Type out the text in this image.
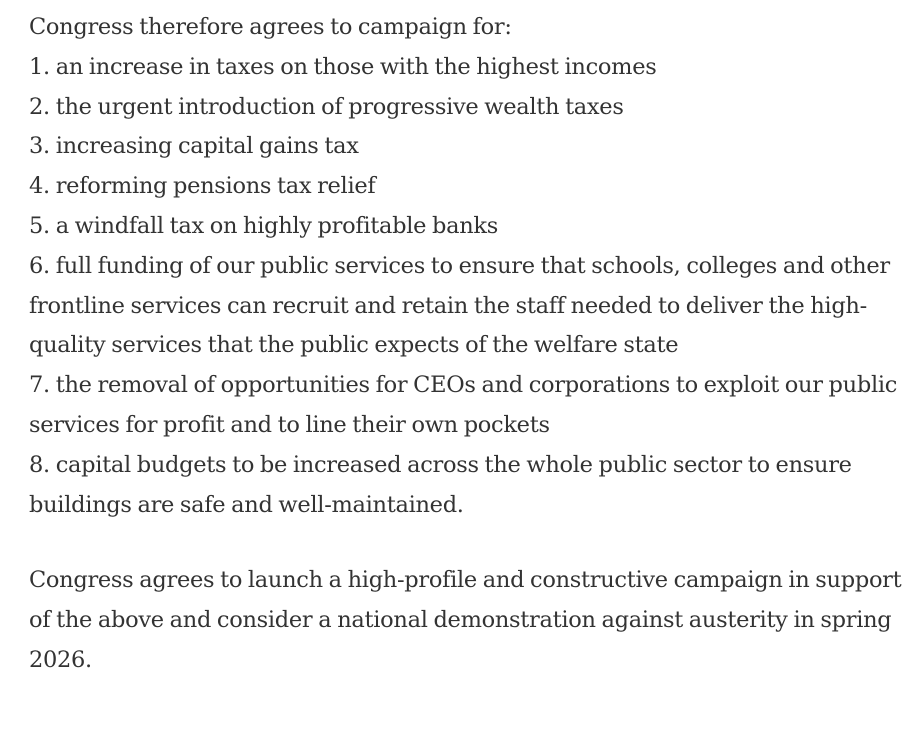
Congress therefore agrees to campaign for:

1. an increase in taxes on those with the highest incomes
2. the urgent introduction of progressive wealth taxes
3. increasing capital gains tax
4. reforming pensions tax relief
5. a windfall tax on highly profitable banks
6. full funding of our public services to ensure that schools, colleges and other frontline services can recruit and retain the staff needed to deliver the high-quality services that the public expects of the welfare state
7. the removal of opportunities for CEOs and corporations to exploit our public services for profit and to line their own pockets
8. capital budgets to be increased across the whole public sector to ensure buildings are safe and well-maintained.

Congress agrees to launch a high-profile and constructive campaign in support of the above and consider a national demonstration against austerity in spring 2026.
